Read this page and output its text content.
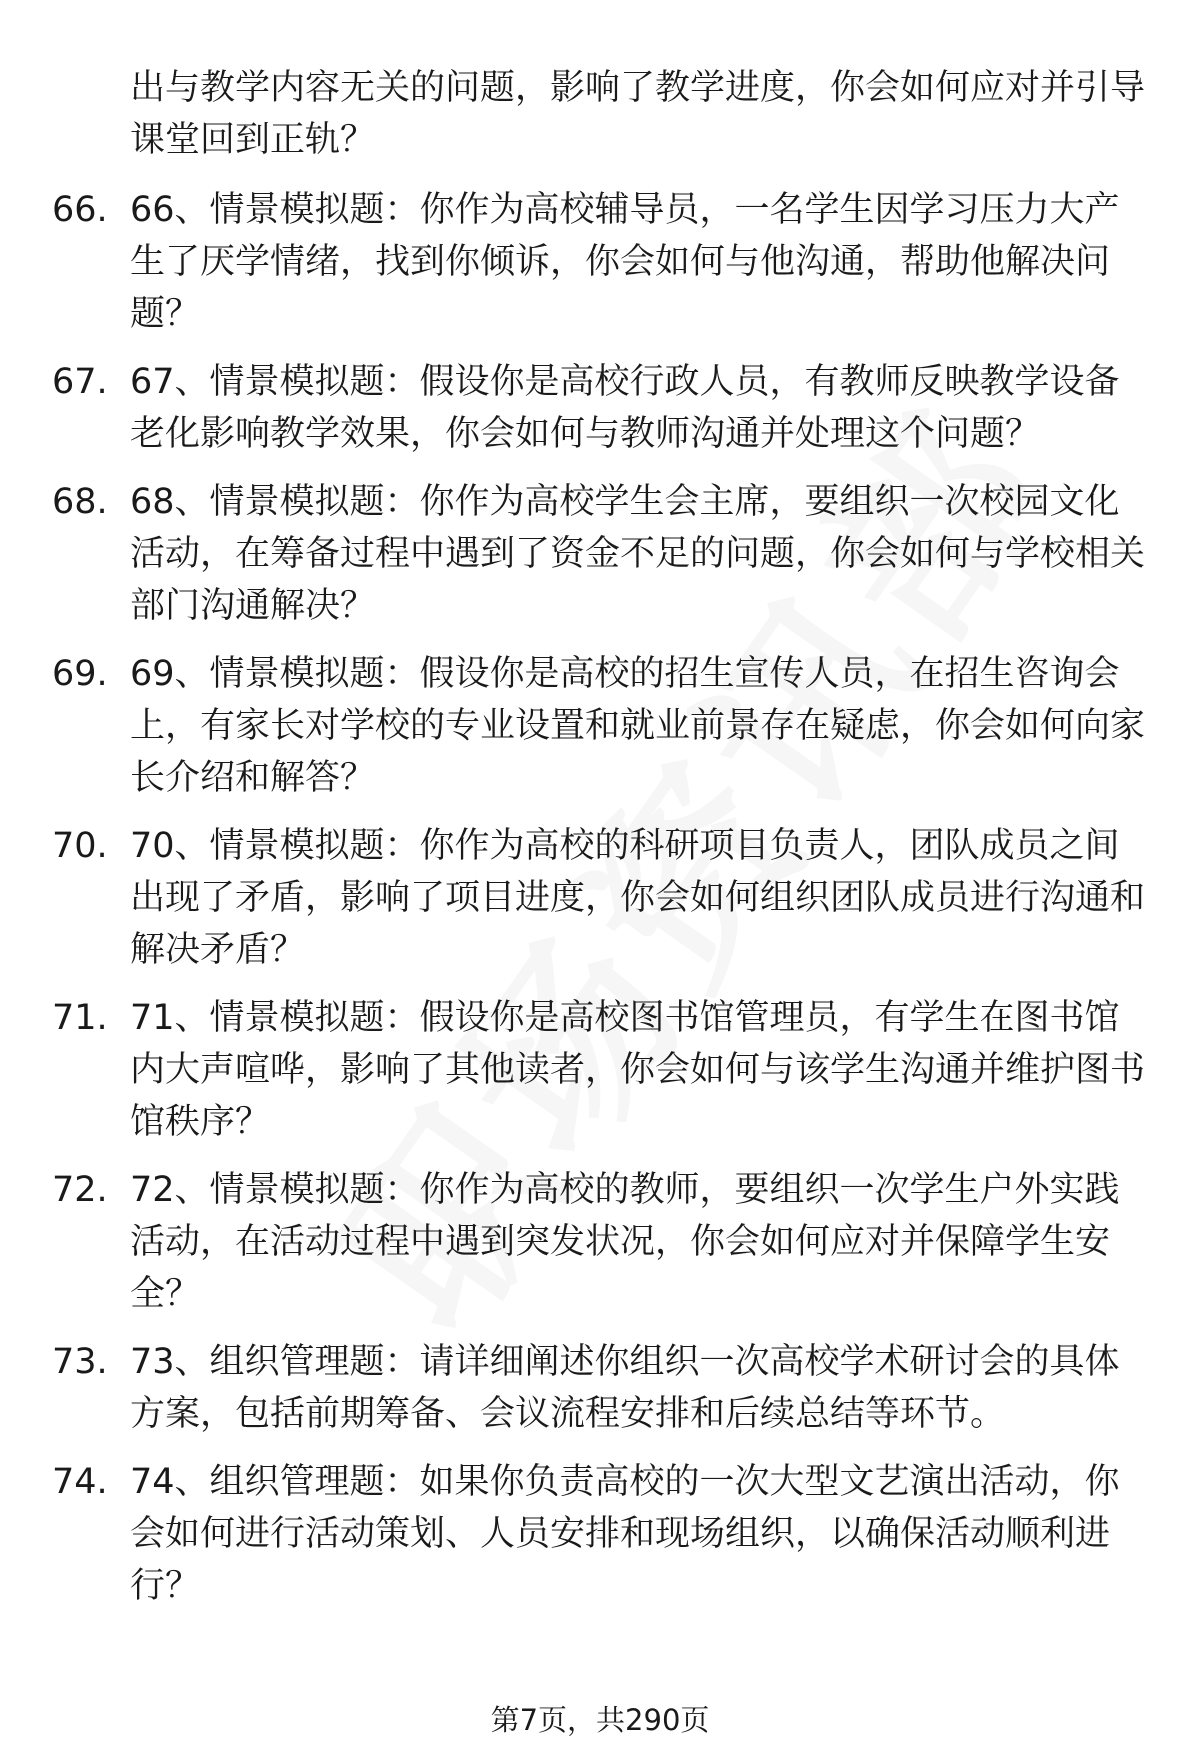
出与教学内容无关的问题，影响了教学进度，你会如何应对并引导课堂回到正轨？
66. 66、情景模拟题：你作为高校辅导员，一名学生因学习压力大产生了厌学情绪，找到你倾诉，你会如何与他沟通，帮助他解决问题？
67. 67、情景模拟题：假设你是高校行政人员，有教师反映教学设备老化影响教学效果，你会如何与教师沟通并处理这个问题？
68. 68、情景模拟题：你作为高校学生会主席，要组织一次校园文化活动，在筹备过程中遇到了资金不足的问题，你会如何与学校相关部门沟通解决？
69. 69、情景模拟题：假设你是高校的招生宣传人员，在招生咨询会上，有家长对学校的专业设置和就业前景存在疑虑，你会如何向家长介绍和解答？
70. 70、情景模拟题：你作为高校的科研项目负责人，团队成员之间出现了矛盾，影响了项目进度，你会如何组织团队成员进行沟通和解决矛盾？
71. 71、情景模拟题：假设你是高校图书馆管理员，有学生在图书馆内大声喧哗，影响了其他读者，你会如何与该学生沟通并维护图书馆秩序？
72. 72、情景模拟题：你作为高校的教师，要组织一次学生户外实践活动，在活动过程中遇到突发状况，你会如何应对并保障学生安全？
73. 73、组织管理题：请详细阐述你组织一次高校学术研讨会的具体方案，包括前期筹备、会议流程安排和后续总结等环节。
74. 74、组织管理题：如果你负责高校的一次大型文艺演出活动，你会如何进行活动策划、人员安排和现场组织，以确保活动顺利进行？
第7页，共290页
